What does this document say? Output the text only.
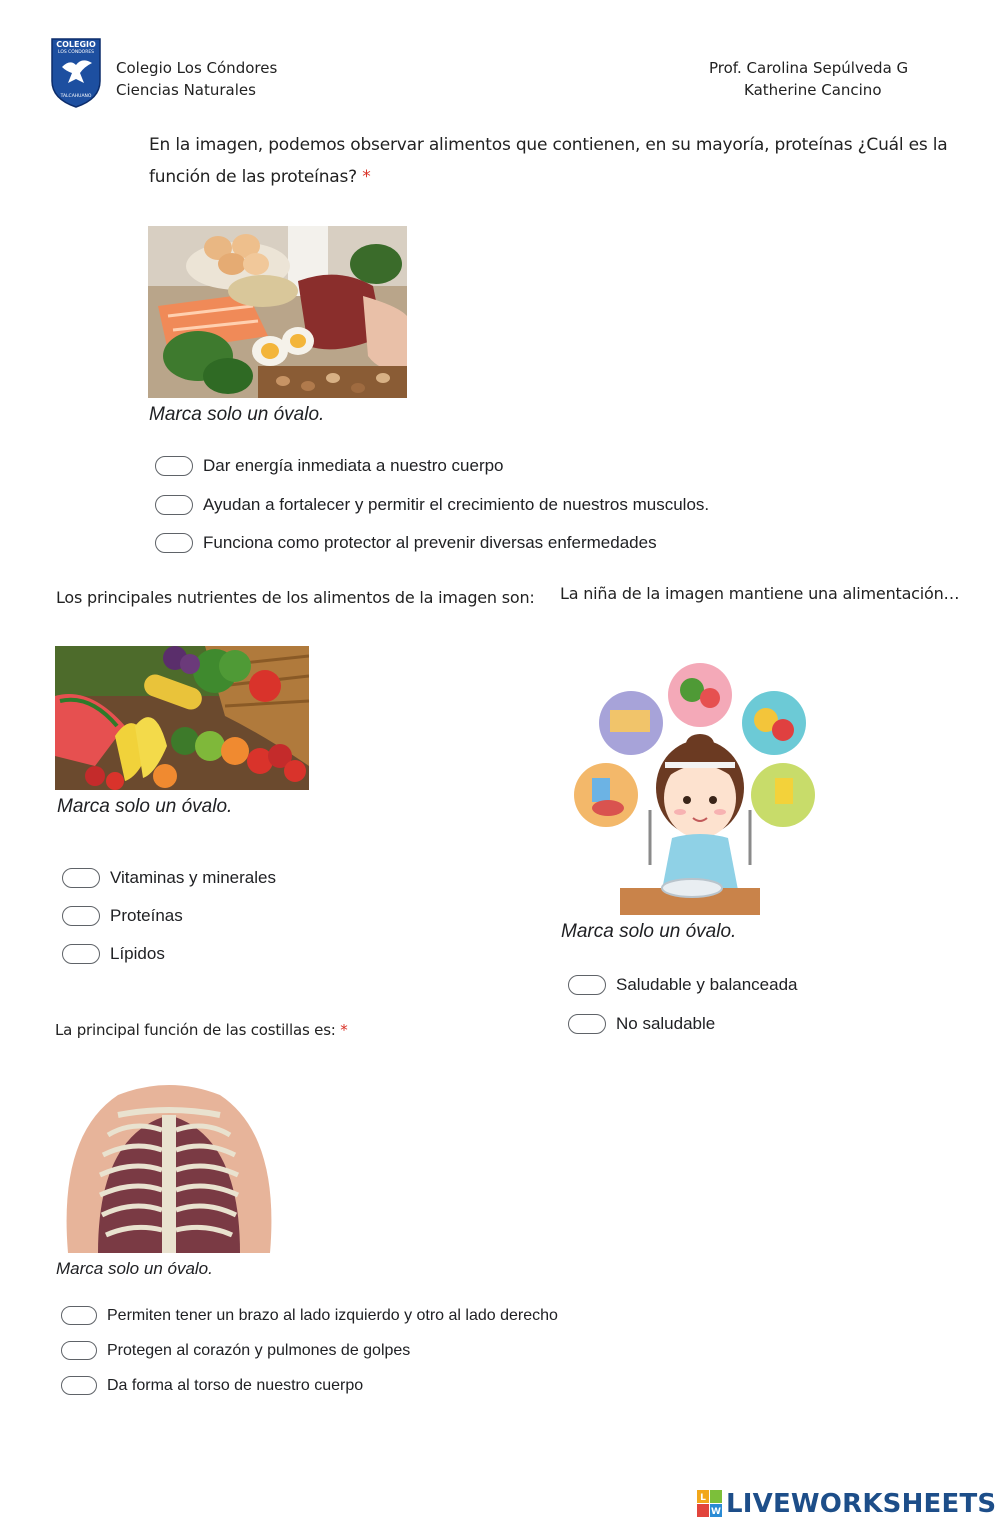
COLEGIO
LOS CÓNDORES
TALCAHUANO
Colegio Los Cóndores
Ciencias Naturales
Prof. Carolina Sepúlveda G
Katherine Cancino
En la imagen, podemos observar alimentos que contienen, en su mayoría, proteínas ¿Cuál es la
función de las proteínas? *
Marca solo un óvalo.
Dar energía inmediata a nuestro cuerpo
Ayudan a fortalecer y permitir el crecimiento de nuestros musculos.
Funciona como protector al prevenir diversas enfermedades
Los principales nutrientes de los alimentos de la imagen son:
Marca solo un óvalo.
Vitaminas y minerales
Proteínas
Lípidos
La niña de la imagen mantiene una alimentación…
Marca solo un óvalo.
Saludable y balanceada
No saludable
La principal función de las costillas es: *
Marca solo un óvalo.
Permiten tener un brazo al lado izquierdo y otro al lado derecho
Protegen al corazón y pulmones de golpes
Da forma al torso de nuestro cuerpo
L
W LIVEWORKSHEETS
